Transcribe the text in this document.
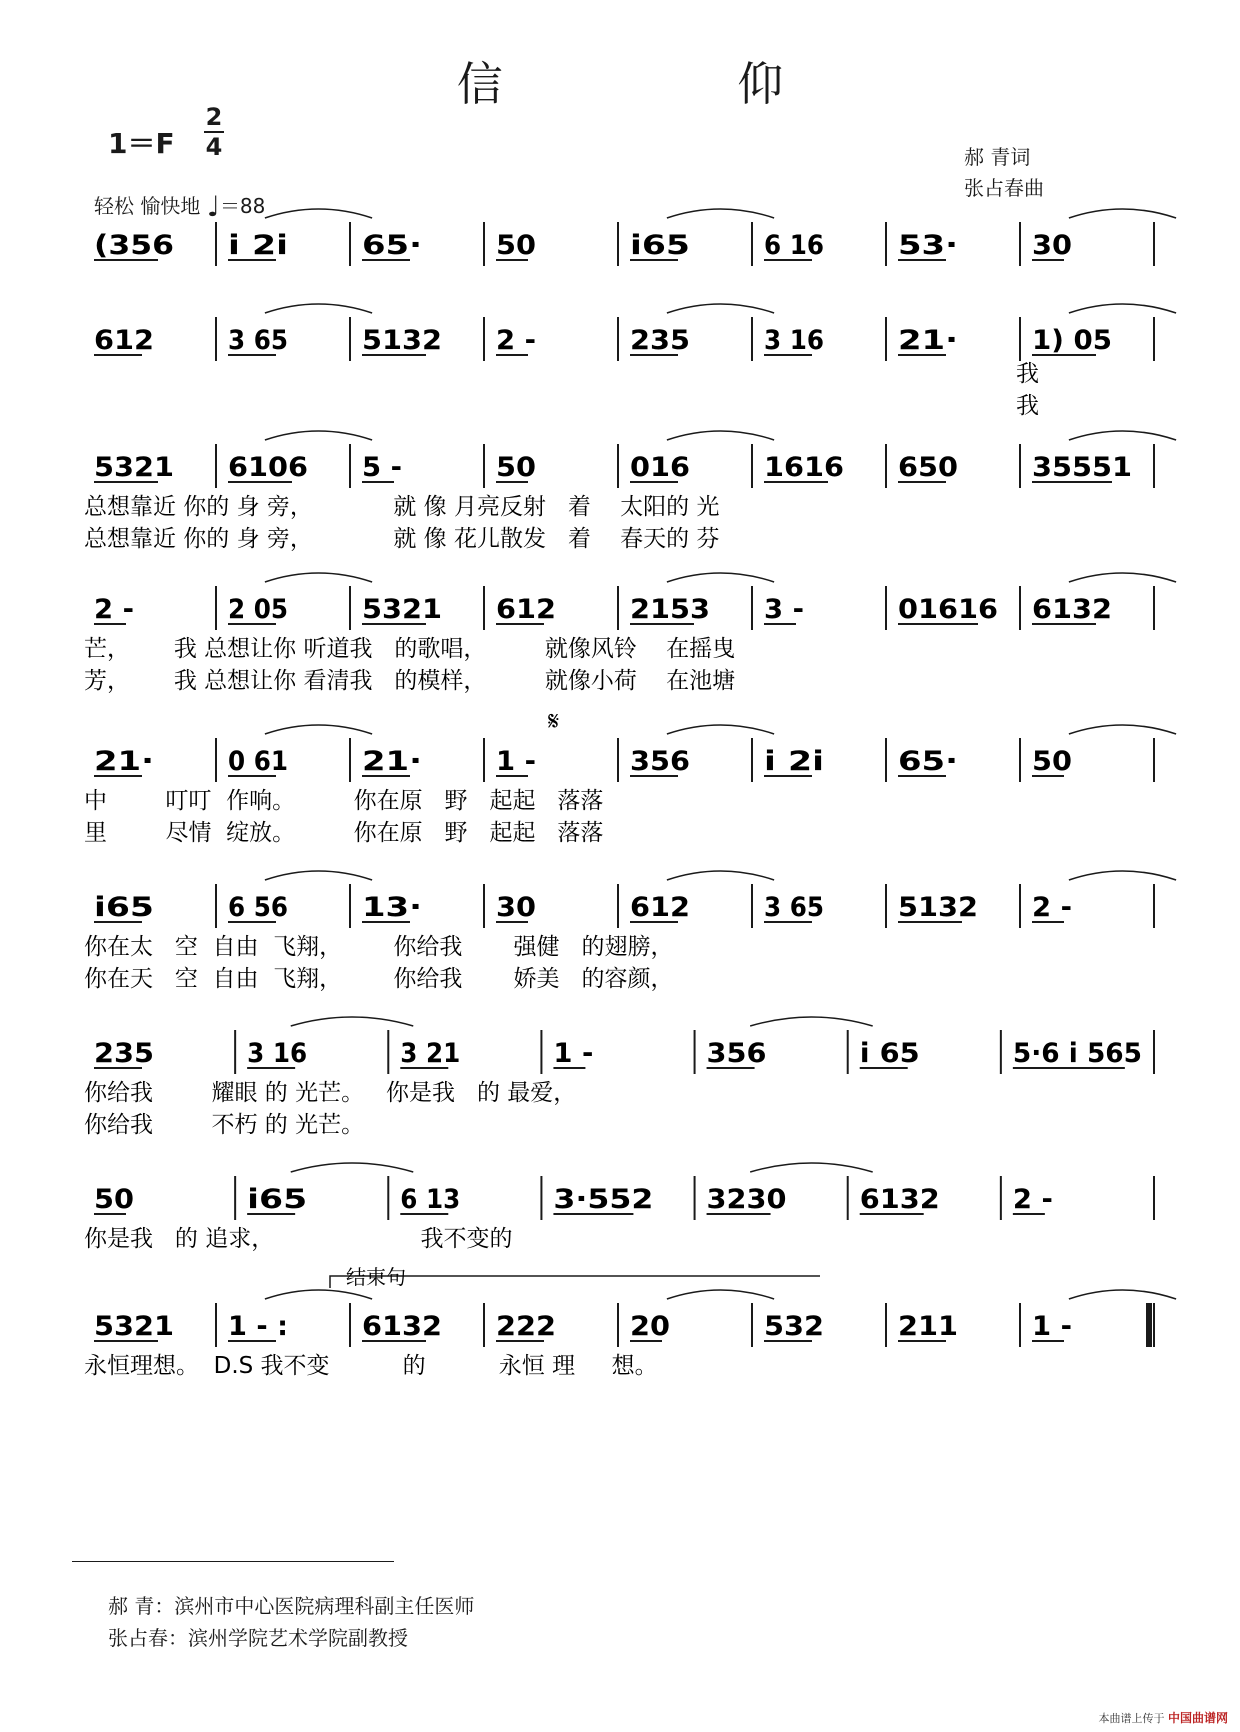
信 仰
1＝F
2
4
轻松 愉快地 ♩＝88
郝 青词
张占春曲
(356 i 2i	65·	50	i65	6 16	53·	30
612	3 65	5132 2 -	235	3 16	21·	1) 05
我
我
5321 6106 5 -	50	016	1616 650	35551
总想靠近 你的 身 旁，           就 像 月亮反射   着    太阳的 光
总想靠近 你的 身 旁，           就 像 花儿散发   着    春天的 芬
2 -	2 05	5321 612	2153 3 -	01616 6132
芒，      我 总想让你 听道我   的歌唱，        就像风铃    在摇曳
芳，      我 总想让你 看清我   的模样，        就像小荷    在池塘
21·	0 61	21·	1 -	356	i 2i	65·	50
中        叮叮  作响。        你在原   野   起起   落落
里        尽情  绽放。        你在原   野   起起   落落
i65	6 56	13·	30	612	3 65	5132 2 -
你在太   空  自由  飞翔，       你给我       强健   的翅膀，
你在天   空  自由  飞翔，       你给我       娇美   的容颜，
235	3 16	3 21	1 -	356	i 65	5·6 i 565
你给我        耀眼 的 光芒。   你是我   的 最爱，
你给我        不朽 的 光芒。
50	i65	6 13	3·552 3230	6132	2 -
你是我   的 追求，                    我不变的
5321 1 - :	6132 222	20	532	211	1 -
永恒理想。  D.S 我不变          的          永恒 理     想。
𝄋
结束句
郝 青：滨州市中心医院病理科副主任医师
张占春：滨州学院艺术学院副教授
本曲谱上传于 中国曲谱网
